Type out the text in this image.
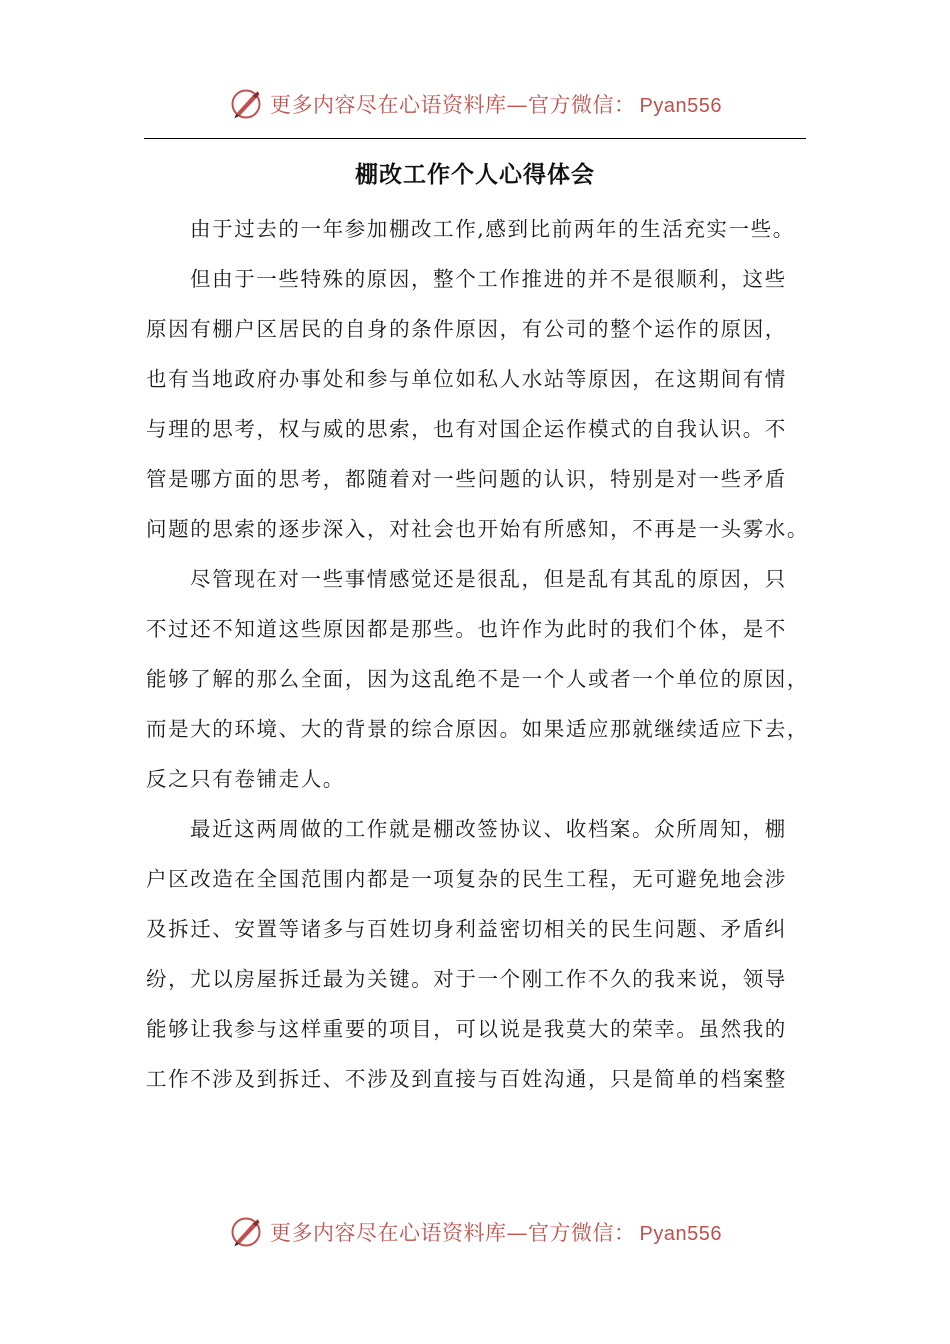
更多内容尽在心语资料库—官方微信： Pyan556
棚改工作个人心得体会
由于过去的一年参加棚改工作,感到比前两年的生活充实一些。
但由于一些特殊的原因，整个工作推进的并不是很顺利，这些
原因有棚户区居民的自身的条件原因，有公司的整个运作的原因，
也有当地政府办事处和参与单位如私人水站等原因，在这期间有情
与理的思考，权与威的思索，也有对国企运作模式的自我认识。不
管是哪方面的思考，都随着对一些问题的认识，特别是对一些矛盾
问题的思索的逐步深入，对社会也开始有所感知，不再是一头雾水。
尽管现在对一些事情感觉还是很乱，但是乱有其乱的原因，只
不过还不知道这些原因都是那些。也许作为此时的我们个体，是不
能够了解的那么全面，因为这乱绝不是一个人或者一个单位的原因，
而是大的环境、大的背景的综合原因。如果适应那就继续适应下去，
反之只有卷铺走人。
最近这两周做的工作就是棚改签协议、收档案。众所周知，棚
户区改造在全国范围内都是一项复杂的民生工程，无可避免地会涉
及拆迁、安置等诸多与百姓切身利益密切相关的民生问题、矛盾纠
纷，尤以房屋拆迁最为关键。对于一个刚工作不久的我来说，领导
能够让我参与这样重要的项目，可以说是我莫大的荣幸。虽然我的
工作不涉及到拆迁、不涉及到直接与百姓沟通，只是简单的档案整
更多内容尽在心语资料库—官方微信： Pyan556
